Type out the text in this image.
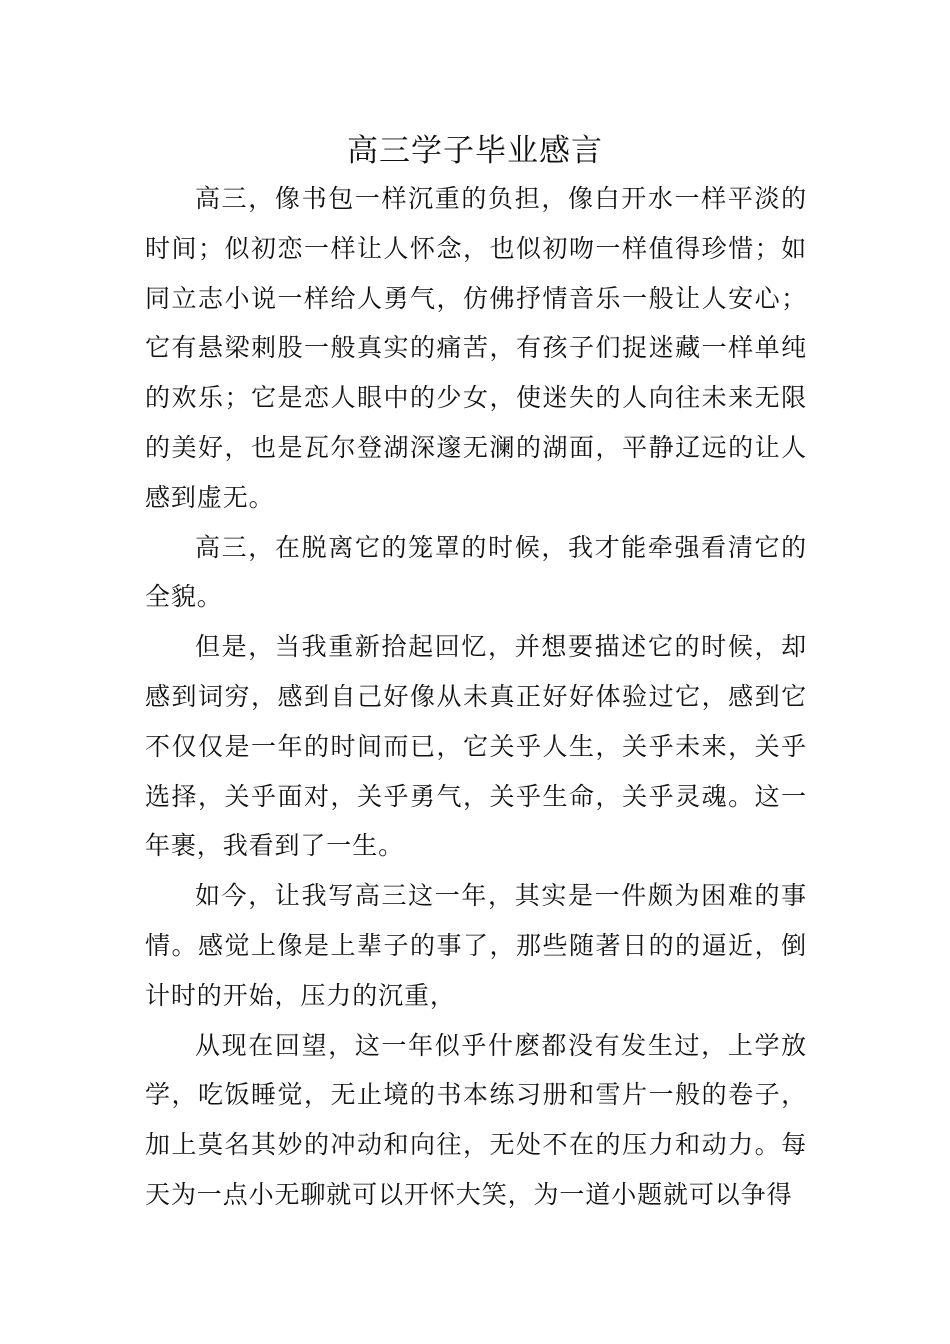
高三学子毕业感言

高三，像书包一样沉重的负担，像白开水一样平淡的时间；似初恋一样让人怀念，也似初吻一样值得珍惜；如同立志小说一样给人勇气，仿佛抒情音乐一般让人安心；它有悬梁刺股一般真实的痛苦，有孩子们捉迷藏一样单纯的欢乐；它是恋人眼中的少女，使迷失的人向往未来无限的美好，也是瓦尔登湖深邃无澜的湖面，平静辽远的让人感到虚无。

高三，在脱离它的笼罩的时候，我才能牵强看清它的全貌。

但是，当我重新拾起回忆，并想要描述它的时候，却感到词穷，感到自己好像从未真正好好体验过它，感到它不仅仅是一年的时间而已，它关乎人生，关乎未来，关乎选择，关乎面对，关乎勇气，关乎生命，关乎灵魂。这一年裹，我看到了一生。

如今，让我写高三这一年，其实是一件颇为困难的事情。感觉上像是上辈子的事了，那些随著日的的逼近，倒计时的开始，压力的沉重，

从现在回望，这一年似乎什麽都没有发生过，上学放学，吃饭睡觉，无止境的书本练习册和雪片一般的卷子，加上莫名其妙的冲动和向往，无处不在的压力和动力。每天为一点小无聊就可以开怀大笑，为一道小题就可以争得
